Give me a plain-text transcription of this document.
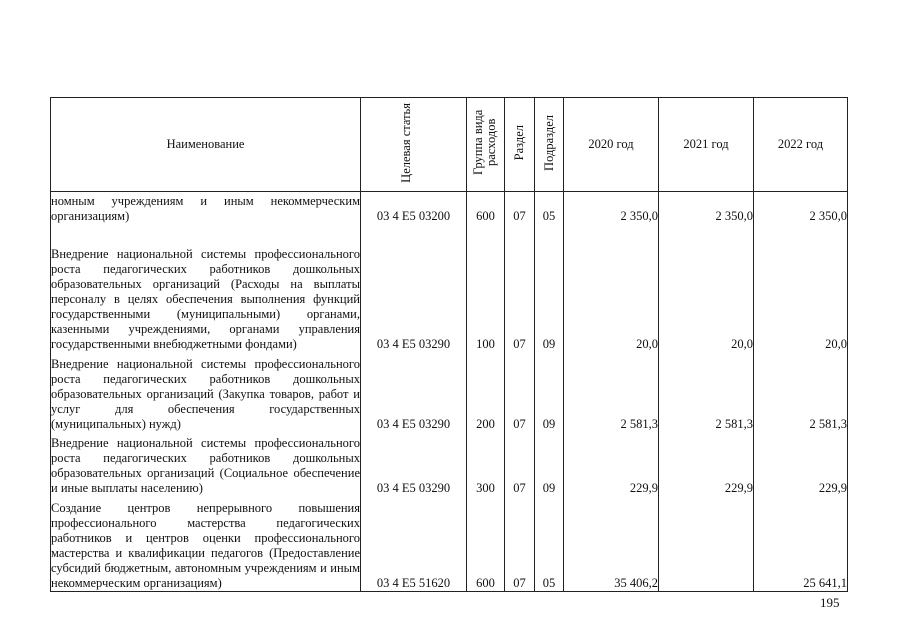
Наименование	Целевая статья	Группа вида расходов	Раздел	Подраздел	2020 год	2021 год	2022 год
номным учреждениям и иным некоммерческим организациям)	03 4 Е5 03200	600	07	05	2 350,0	2 350,0	2 350,0
Внедрение национальной системы профессионального роста педагогических работников дошкольных образовательных организаций (Расходы на выплаты персоналу в целях обеспечения выполнения функций государственными (муниципальными) органами, казенными учреждениями, органами управления государственными внебюджетными фондами)	03 4 Е5 03290	100	07	09	20,0	20,0	20,0
Внедрение национальной системы профессионального роста педагогических работников дошкольных образовательных организаций (Закупка товаров, работ и услуг для обеспечения государственных (муниципальных) нужд)	03 4 Е5 03290	200	07	09	2 581,3	2 581,3	2 581,3
Внедрение национальной системы профессионального роста педагогических работников дошкольных образовательных организаций (Социальное обеспечение и иные выплаты населению)	03 4 Е5 03290	300	07	09	229,9	229,9	229,9
Создание центров непрерывного повышения профессионального мастерства педагогических работников и центров оценки профессионального мастерства и квалификации педагогов (Предоставление субсидий бюджетным, автономным учреждениям и иным некоммерческим организациям)	03 4 Е5 51620	600	07	05	35 406,2		25 641,1
195
